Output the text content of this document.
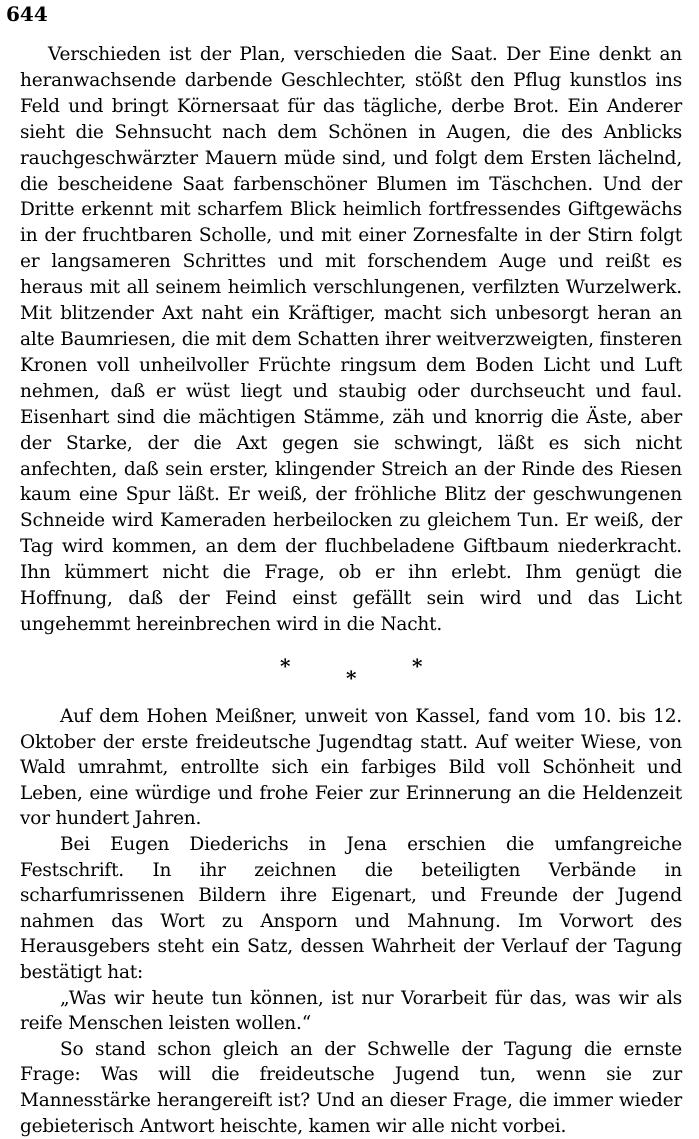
644

Verschieden ist der Plan, verschieden die Saat. Der Eine denkt an heranwachsende darbende Geschlechter, stößt den Pflug kunstlos ins Feld und bringt Körnersaat für das tägliche, derbe Brot. Ein Anderer sieht die Sehnsucht nach dem Schönen in Augen, die des Anblicks rauchgeschwärzter Mauern müde sind, und folgt dem Ersten lächelnd, die bescheidene Saat farbenschöner Blumen im Täschchen. Und der Dritte erkennt mit scharfem Blick heimlich fortfressendes Giftgewächs in der fruchtbaren Scholle, und mit einer Zornesfalte in der Stirn folgt er langsameren Schrittes und mit forschendem Auge und reißt es heraus mit all seinem heimlich verschlungenen, verfilzten Wurzelwerk. Mit blitzender Axt naht ein Kräftiger, macht sich unbesorgt heran an alte Baumriesen, die mit dem Schatten ihrer weitverzweigten, finsteren Kronen voll unheilvoller Früchte ringsum dem Boden Licht und Luft nehmen, daß er wüst liegt und staubig oder durchseucht und faul. Eisenhart sind die mächtigen Stämme, zäh und knorrig die Äste, aber der Starke, der die Axt gegen sie schwingt, läßt es sich nicht anfechten, daß sein erster, klingender Streich an der Rinde des Riesen kaum eine Spur läßt. Er weiß, der fröhliche Blitz der geschwungenen Schneide wird Kameraden herbeilocken zu gleichem Tun. Er weiß, der Tag wird kommen, an dem der fluchbeladene Giftbaum niederkracht. Ihn kümmert nicht die Frage, ob er ihn erlebt. Ihm genügt die Hoffnung, daß der Feind einst gefällt sein wird und das Licht ungehemmt hereinbrechen wird in die Nacht.

*	*	*

Auf dem Hohen Meißner, unweit von Kassel, fand vom 10. bis 12. Oktober der erste freideutsche Jugendtag statt. Auf weiter Wiese, von Wald umrahmt, entrollte sich ein farbiges Bild voll Schönheit und Leben, eine würdige und frohe Feier zur Erinnerung an die Heldenzeit vor hundert Jahren.

Bei Eugen Diederichs in Jena erschien die umfangreiche Festschrift. In ihr zeichnen die beteiligten Verbände in scharfumrissenen Bildern ihre Eigenart, und Freunde der Jugend nahmen das Wort zu Ansporn und Mahnung. Im Vorwort des Herausgebers steht ein Satz, dessen Wahrheit der Verlauf der Tagung bestätigt hat:

„Was wir heute tun können, ist nur Vorarbeit für das, was wir als reife Menschen leisten wollen.“

So stand schon gleich an der Schwelle der Tagung die ernste Frage: Was will die freideutsche Jugend tun, wenn sie zur Mannesstärke herangereift ist? Und an dieser Frage, die immer wieder gebieterisch Antwort heischte, kamen wir alle nicht vorbei.
